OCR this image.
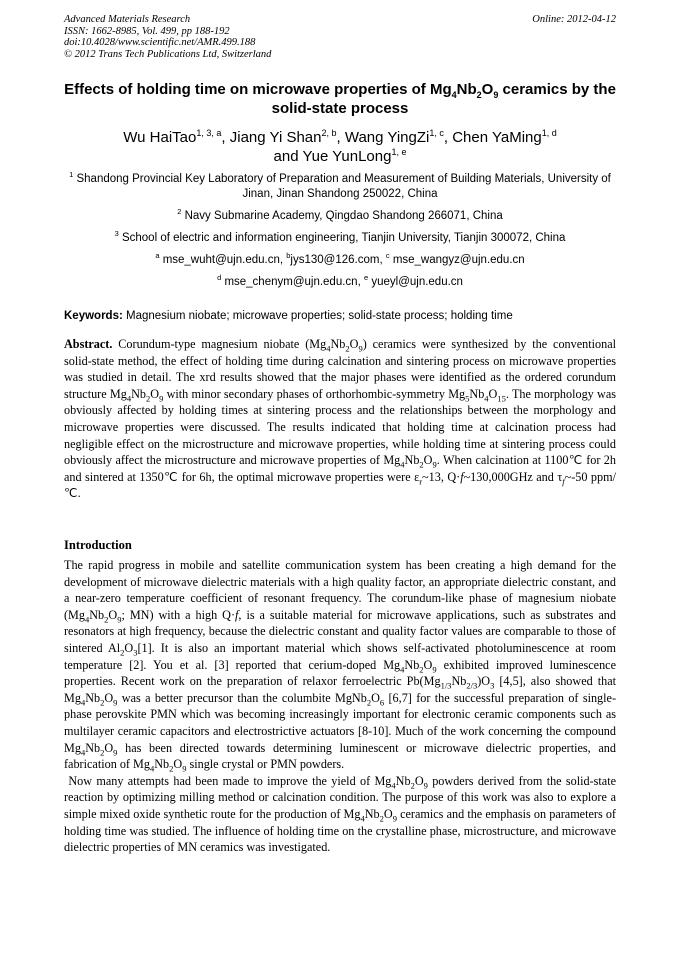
Advanced Materials Research
ISSN: 1662-8985, Vol. 499, pp 188-192
doi:10.4028/www.scientific.net/AMR.499.188
© 2012 Trans Tech Publications Ltd, Switzerland
Online: 2012-04-12
Effects of holding time on microwave properties of $Mg_4Nb_2O_9$ ceramics by the solid-state process
Wu HaiTao$^{1, 3, a}$, Jiang Yi Shan$^{2, b}$, Wang YingZi$^{1, c}$, Chen YaMing$^{1, d}$
and Yue YunLong$^{1, e}$
$^1$ Shandong Provincial Key Laboratory of Preparation and Measurement of Building Materials, University of Jinan, Jinan Shandong 250022, China
$^2$ Navy Submarine Academy, Qingdao Shandong 266071, China
$^3$ School of electric and information engineering, Tianjin University, Tianjin 300072, China
$^a$ mse_wuht@ujn.edu.cn, $^b$jys130@126.com, $^c$ mse_wangyz@ujn.edu.cn
$^d$ mse_chenym@ujn.edu.cn, $^e$ yueyl@ujn.edu.cn
Keywords: Magnesium niobate; microwave properties; solid-state process; holding time
Abstract. Corundum-type magnesium niobate $(Mg_4Nb_2O_9)$ ceramics were synthesized by the conventional solid-state method, the effect of holding time during calcination and sintering process on microwave properties was studied in detail. The xrd results showed that the major phases were identified as the ordered corundum structure $Mg_4Nb_2O_9$ with minor secondary phases of orthorhombic-symmetry $Mg_5Nb_4O_{15}$. The morphology was obviously affected by holding times at sintering process and the relationships between the morphology and microwave properties were discussed. The results indicated that holding time at calcination process had negligible effect on the microstructure and microwave properties, while holding time at sintering process could obviously affect the microstructure and microwave properties of $Mg_4Nb_2O_9$. When calcination at 1100℃ for 2h and sintered at 1350℃ for 6h, the optimal microwave properties were $\varepsilon_r\sim 13$, Q·f~130,000GHz and $\tau_f\sim-50$ ppm/℃.
Introduction

The rapid progress in mobile and satellite communication system has been creating a high demand for the development of microwave dielectric materials with a high quality factor, an appropriate dielectric constant, and a near-zero temperature coefficient of resonant frequency. The corundum-like phase of magnesium niobate ($Mg_4Nb_2O_9$; MN) with a high Q·f, is a suitable material for microwave applications, such as substrates and resonators at high frequency, because the dielectric constant and quality factor values are comparable to those of sintered $Al_2O_3[1]$. It is also an important material which shows self-activated photoluminescence at room temperature [2]. You et al. [3] reported that cerium-doped $Mg_4Nb_2O_9$ exhibited improved luminescence properties. Recent work on the preparation of relaxor ferroelectric $Pb(Mg_{1/3}Nb_{2/3})O_3$ [4,5], also showed that $Mg_4Nb_2O_9$ was a better precursor than the columbite $MgNb_2O_6$ [6,7] for the successful preparation of single-phase perovskite PMN which was becoming increasingly important for electronic ceramic components such as multilayer ceramic capacitors and electrostrictive actuators [8-10]. Much of the work concerning the compound $Mg_4Nb_2O_9$ has been directed towards determining luminescent or microwave dielectric properties, and fabrication of $Mg_4Nb_2O_9$ single crystal or PMN powders.

Now many attempts had been made to improve the yield of $Mg_4Nb_2O_9$ powders derived from the solid-state reaction by optimizing milling method or calcination condition. The purpose of this work was also to explore a simple mixed oxide synthetic route for the production of $Mg_4Nb_2O_9$ ceramics and the emphasis on parameters of holding time was studied. The influence of holding time on the crystalline phase, microstructure, and microwave dielectric properties of MN ceramics was investigated.
